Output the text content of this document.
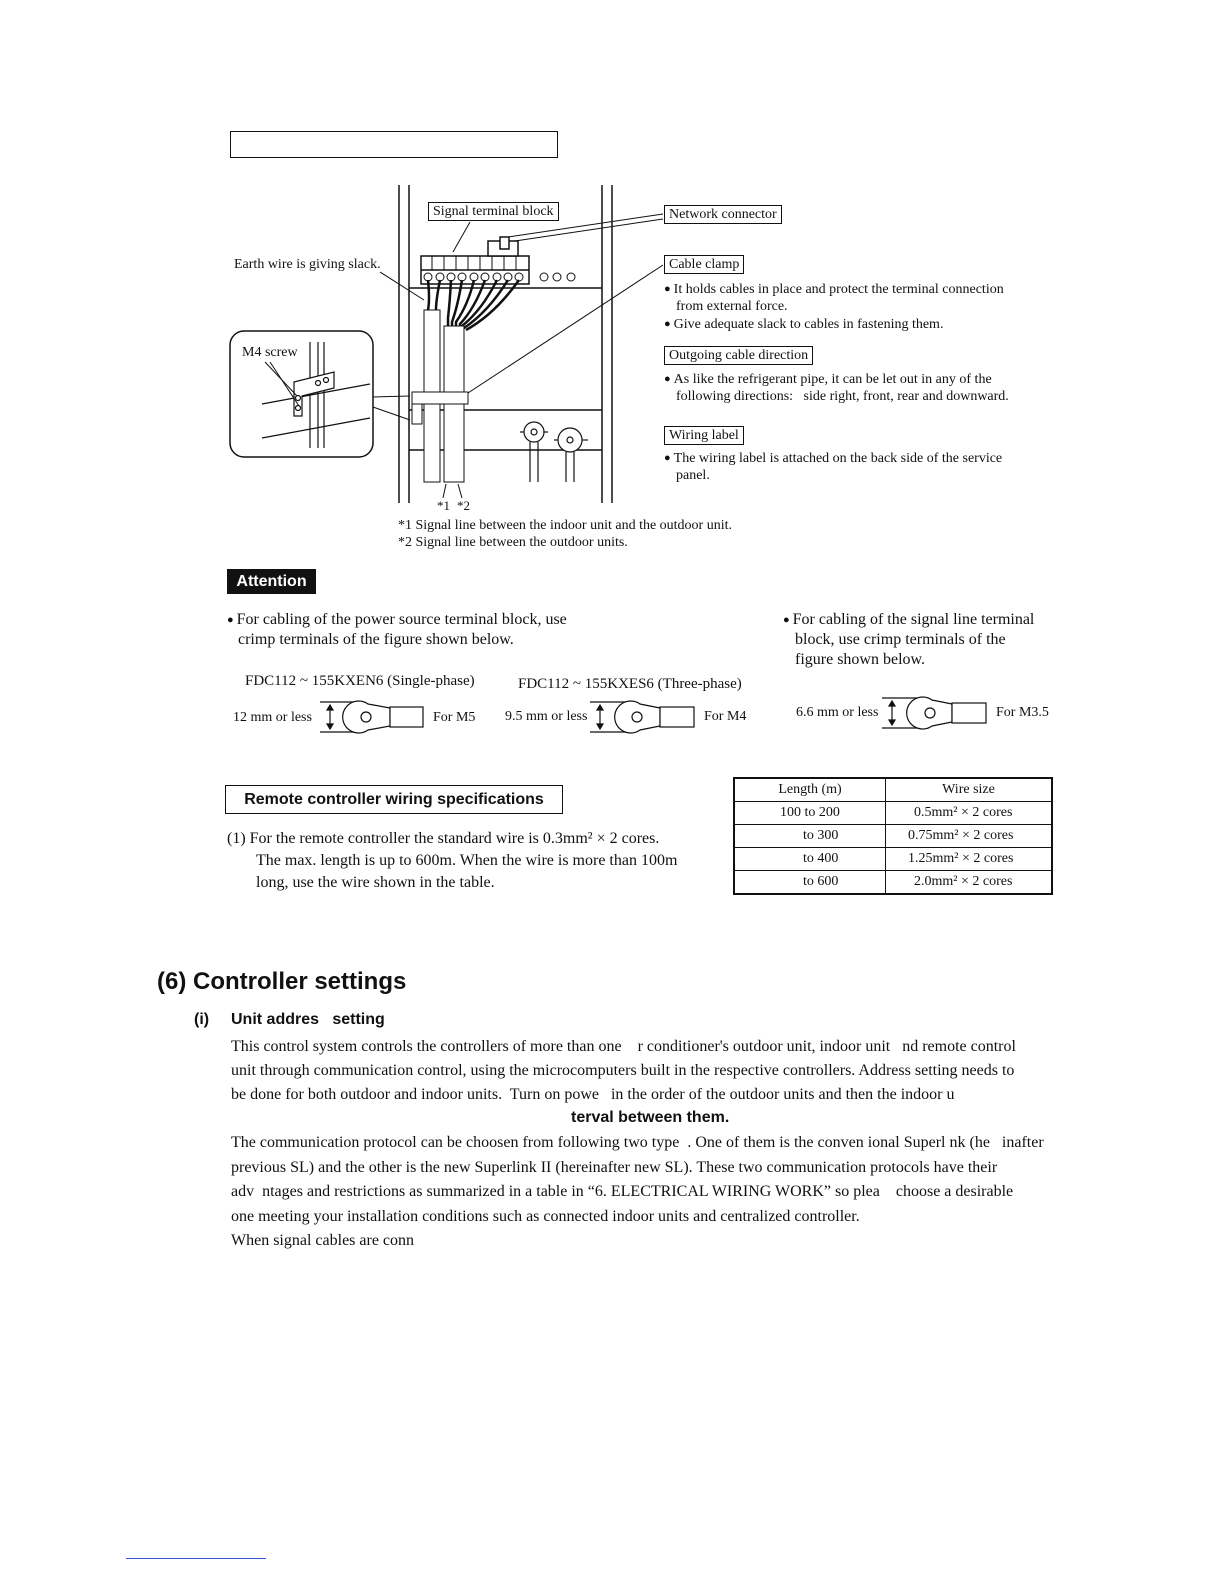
Signal terminal block	Network connector
Earth wire is giving slack.
M4 screw
*1 *2
Cable clamp
● It holds cables in place and protect the terminal connection
from external force.
● Give adequate slack to cables in fastening them.
Outgoing cable direction
● As like the refrigerant pipe, it can be let out in any of the
following directions:   side right, front, rear and downward.
Wiring label
● The wiring label is attached on the back side of the service
panel.
*1 Signal line between the indoor unit and the outdoor unit.
*2 Signal line between the outdoor units.
Attention
● For cabling of the power source terminal block, use
crimp terminals of the figure shown below.
● For cabling of the signal line terminal
block, use crimp terminals of the
figure shown below.
FDC112 ~ 155KXEN6 (Single-phase)	FDC112 ~ 155KXES6 (Three-phase)
12 mm or less	For M5 9.5 mm or less	For M4	6.6 mm or less	For M3.5
Remote controller wiring specifications
(1) For the remote controller the standard wire is 0.3mm² × 2 cores.
The max. length is up to 600m. When the wire is more than 100m
long, use the wire shown in the table.
Length (m)	Wire size
100 to 200	0.5mm² × 2 cores
to 300	0.75mm² × 2 cores
to 400	1.25mm² × 2 cores
to 600	2.0mm² × 2 cores
(6) Controller settings
(i) Unit addres   setting
This control system controls the controllers of more than one    r conditioner's outdoor unit, indoor unit   nd remote control
unit through communication control, using the microcomputers built in the respective controllers. Address setting needs to
be done for both outdoor and indoor units.  Turn on powe   in the order of the outdoor units and then the indoor u
terval between them.
The communication protocol can be choosen from following two type  . One of them is the conven ional Superl nk (he   inafter
previous SL) and the other is the new Superlink II (hereinafter new SL). These two communication protocols have their
adv  ntages and restrictions as summarized in a table in “6. ELECTRICAL WIRING WORK” so plea    choose a desirable
one meeting your installation conditions such as connected indoor units and centralized controller.
When signal cables are conn
